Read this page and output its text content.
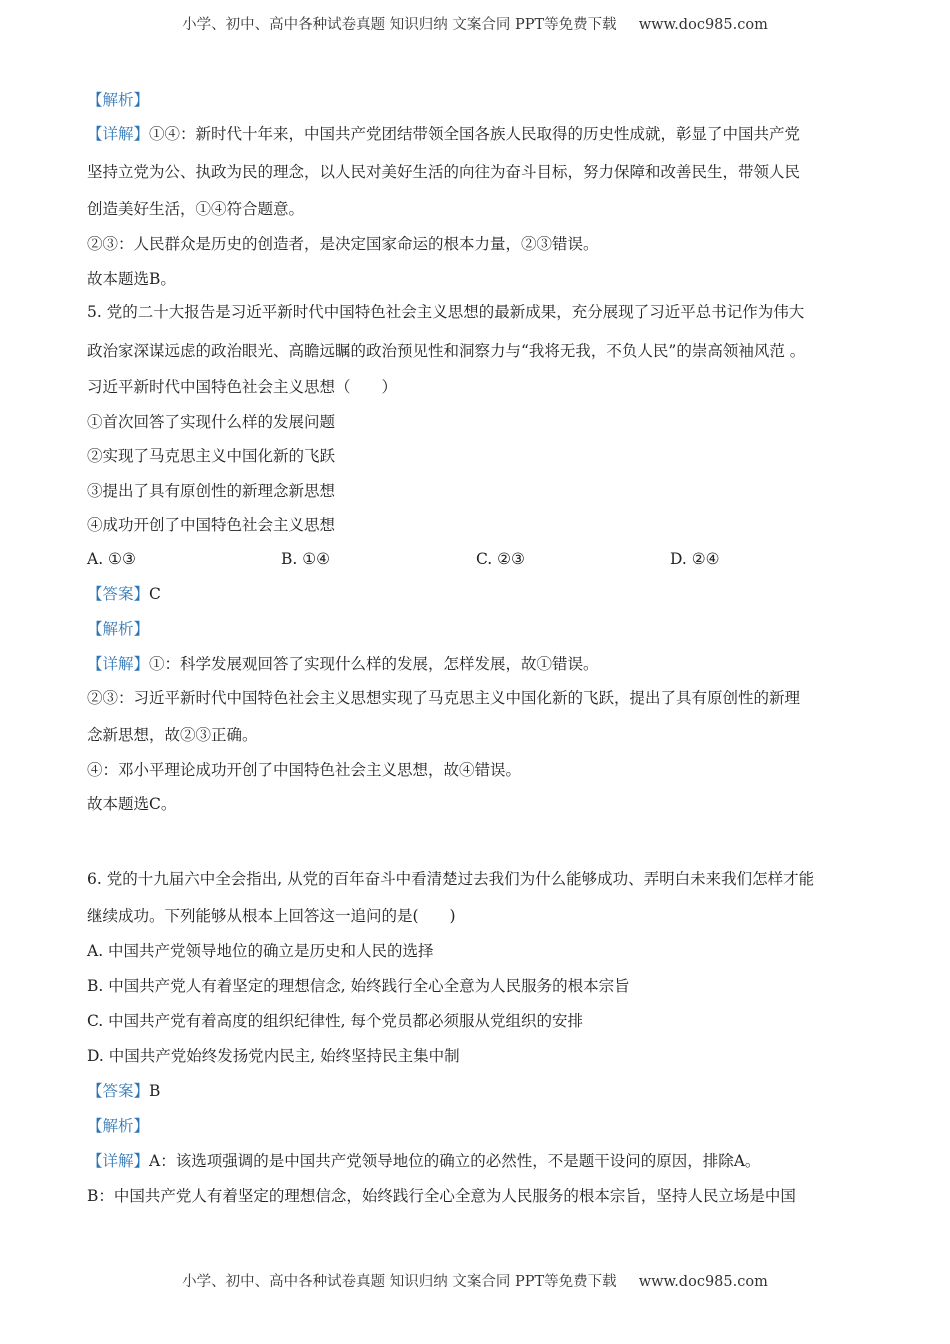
小学、初中、高中各种试卷真题 知识归纳 文案合同 PPT等免费下载 www.doc985.com
【解析】
【详解】①④：新时代十年来，中国共产党团结带领全国各族人民取得的历史性成就，彰显了中国共产党
坚持立党为公、执政为民的理念，以人民对美好生活的向往为奋斗目标，努力保障和改善民生，带领人民
创造美好生活，①④符合题意。
②③：人民群众是历史的创造者，是决定国家命运的根本力量，②③错误。
故本题选B。
5. 党的二十大报告是习近平新时代中国特色社会主义思想的最新成果，充分展现了习近平总书记作为伟大
政治家深谋远虑的政治眼光、高瞻远瞩的政治预见性和洞察力与“我将无我，不负人民”的崇高领袖风范 。
习近平新时代中国特色社会主义思想（　　）
①首次回答了实现什么样的发展问题
②实现了马克思主义中国化新的飞跃
③提出了具有原创性的新理念新思想
④成功开创了中国特色社会主义思想
A. ①③	B. ①④	C. ②③	D. ②④
【答案】C
【解析】
【详解】①：科学发展观回答了实现什么样的发展，怎样发展，故①错误。
②③：习近平新时代中国特色社会主义思想实现了马克思主义中国化新的飞跃，提出了具有原创性的新理
念新思想，故②③正确。
④：邓小平理论成功开创了中国特色社会主义思想，故④错误。
故本题选C。
6. 党的十九届六中全会指出, 从党的百年奋斗中看清楚过去我们为什么能够成功、弄明白未来我们怎样才能
继续成功。下列能够从根本上回答这一追问的是(　　)
A. 中国共产党领导地位的确立是历史和人民的选择
B. 中国共产党人有着坚定的理想信念, 始终践行全心全意为人民服务的根本宗旨
C. 中国共产党有着高度的组织纪律性, 每个党员都必须服从党组织的安排
D. 中国共产党始终发扬党内民主, 始终坚持民主集中制
【答案】B
【解析】
【详解】A：该选项强调的是中国共产党领导地位的确立的必然性，不是题干设问的原因，排除A。
B：中国共产党人有着坚定的理想信念，始终践行全心全意为人民服务的根本宗旨，坚持人民立场是中国
小学、初中、高中各种试卷真题 知识归纳 文案合同 PPT等免费下载 www.doc985.com
